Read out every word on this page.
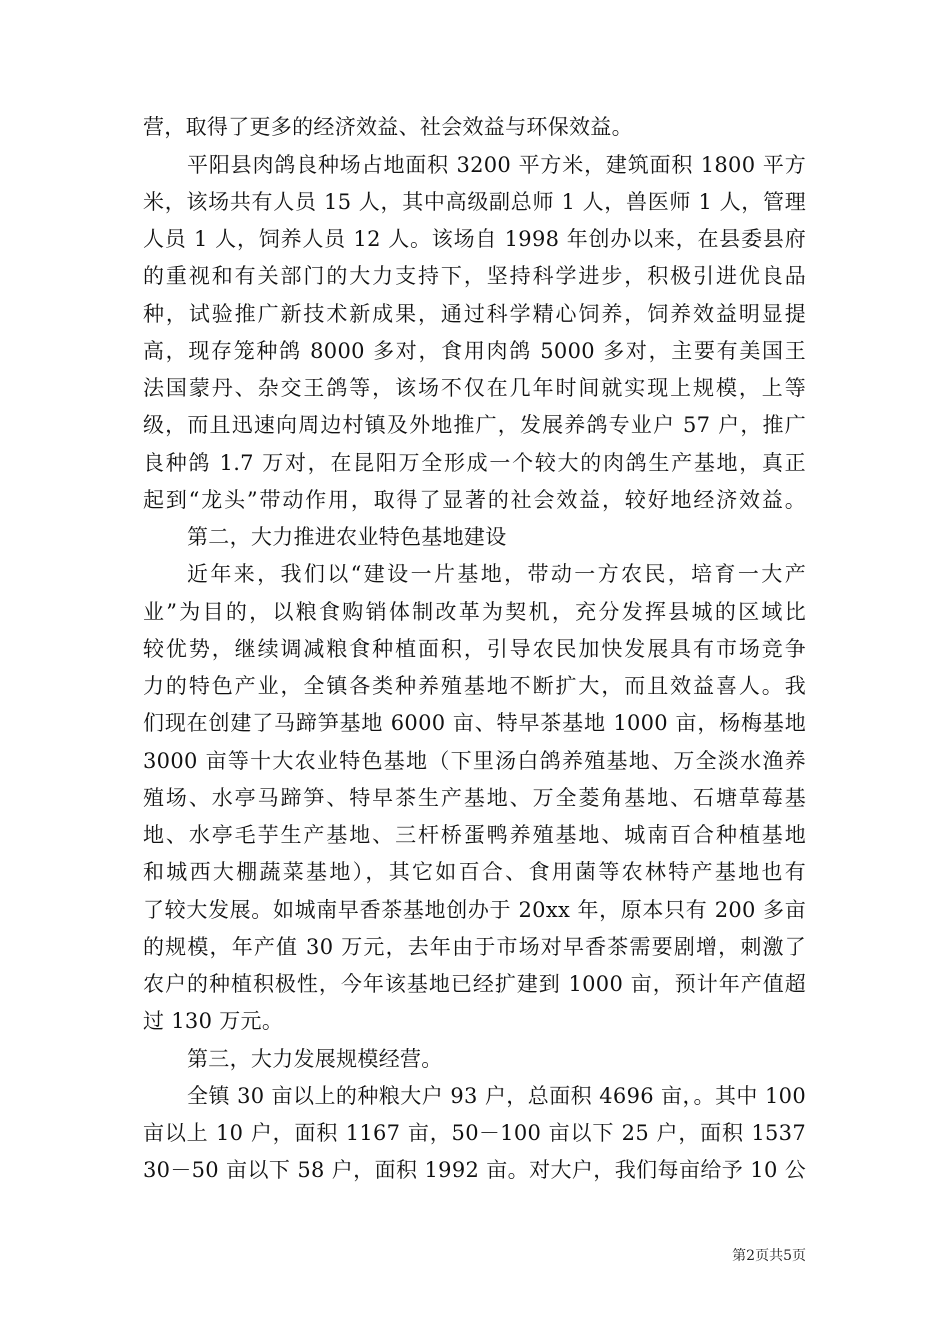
营，取得了更多的经济效益、社会效益与环保效益。
平阳县肉鸽良种场占地面积 3200 平方米，建筑面积 1800 平方
米，该场共有人员 15 人，其中高级副总师 1 人，兽医师 1 人，管理
人员 1 人，饲养人员 12 人。该场自 1998 年创办以来，在县委县府
的重视和有关部门的大力支持下，坚持科学进步，积极引进优良品
种，试验推广新技术新成果，通过科学精心饲养，饲养效益明显提
高，现存笼种鸽 8000 多对，食用肉鸽 5000 多对，主要有美国王
法国蒙丹、杂交王鸽等，该场不仅在几年时间就实现上规模，上等
级，而且迅速向周边村镇及外地推广，发展养鸽专业户 57 户，推广
良种鸽 1.7 万对，在昆阳万全形成一个较大的肉鸽生产基地，真正
起到“龙头”带动作用，取得了显著的社会效益，较好地经济效益。
第二，大力推进农业特色基地建设
近年来，我们以“建设一片基地，带动一方农民，培育一大产
业”为目的，以粮食购销体制改革为契机，充分发挥县城的区域比
较优势，继续调减粮食种植面积，引导农民加快发展具有市场竞争
力的特色产业，全镇各类种养殖基地不断扩大，而且效益喜人。我
们现在创建了马蹄笋基地 6000 亩、特早茶基地 1000 亩，杨梅基地
3000 亩等十大农业特色基地（下里汤白鸽养殖基地、万全淡水渔养
殖场、水亭马蹄笋、特早茶生产基地、万全菱角基地、石塘草莓基
地、水亭毛芋生产基地、三杆桥蛋鸭养殖基地、城南百合种植基地
和城西大棚蔬菜基地），其它如百合、食用菌等农林特产基地也有
了较大发展。如城南早香茶基地创办于 20xx 年，原本只有 200 多亩
的规模，年产值 30 万元，去年由于市场对早香茶需要剧增，刺激了
农户的种植积极性，今年该基地已经扩建到 1000 亩，预计年产值超
过 130 万元。
第三，大力发展规模经营。
全镇 30 亩以上的种粮大户 93 户，总面积 4696 亩，。其中 100
亩以上 10 户，面积 1167 亩，50－100 亩以下 25 户，面积 1537
30－50 亩以下 58 户，面积 1992 亩。对大户，我们每亩给予 10 公
第2页共5页
